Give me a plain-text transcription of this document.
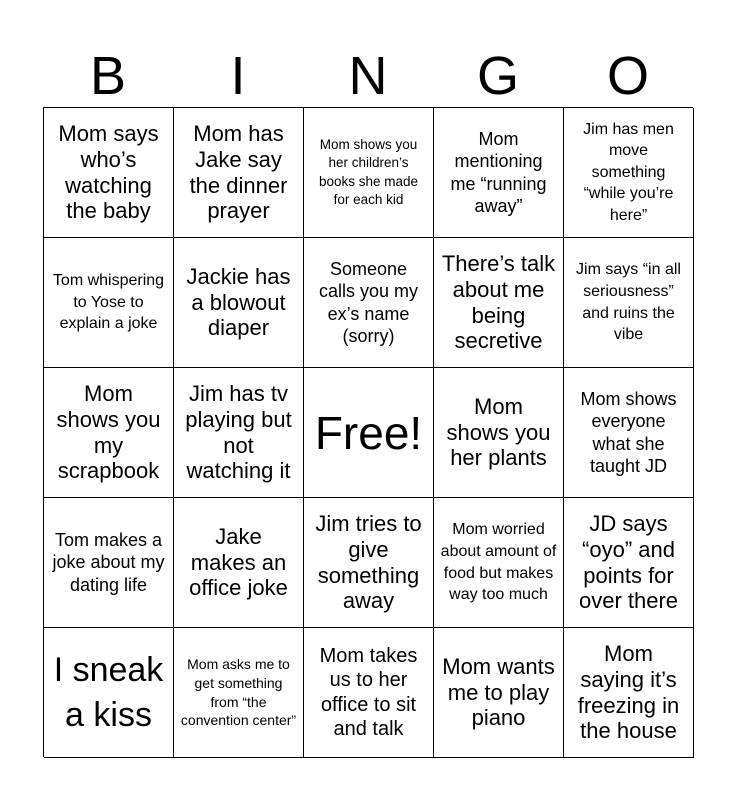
B	I	N	G	O
Mom says who’s watching the baby
Mom has Jake say the dinner prayer
Mom shows you her children’s books she made for each kid
Mom mentioning me “running away”
Jim has men move something “while you’re here”
Tom whispering to Yose to explain a joke
Jackie has a blowout diaper
Someone calls you my ex’s name (sorry)
There’s talk about me being secretive
Jim says “in all seriousness” and ruins the vibe
Mom shows you my scrapbook
Jim has tv playing but not watching it
Free!
Mom shows you her plants
Mom shows everyone what she taught JD
Tom makes a joke about my dating life
Jake makes an office joke
Jim tries to give something away
Mom worried about amount of food but makes way too much
JD says “oyo” and points for over there
I sneak a kiss
Mom asks me to get something from “the convention center”
Mom takes us to her office to sit and talk
Mom wants me to play piano
Mom saying it’s freezing in the house
